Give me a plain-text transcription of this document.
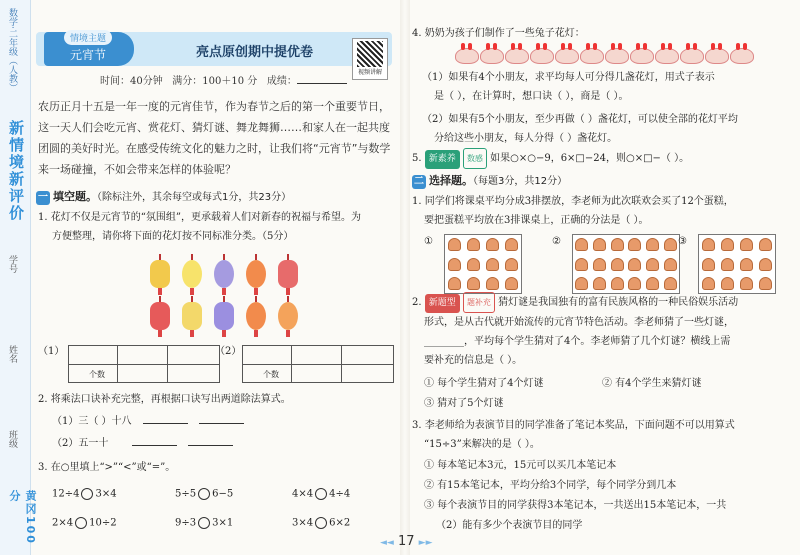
数学·二年级（人教）
新情境新评价
学号
姓名
班级
黄冈100分
情境主题
元宵节	亮点原创期中提优卷
时间：40分钟 满分：100＋10 分 成绩：
农历正月十五是一年一度的元宵佳节，作为春节之后的第一个重要节日，这一天人们会吃元宵、赏花灯、猜灯谜、舞龙舞狮……和家人在一起共度团圆的美好时光。在感受传统文化的魅力之时，让我们将“元宵节”与数学来一场碰撞，不如会带来怎样的体验呢？
一 填空题。（除标注外，其余每空或每式1分，共23分）
1. 花灯不仅是元宵节的“氛围组”，更承载着人们对新春的祝福与希望。为
方便整理，请你将下面的花灯按不同标准分类。（5分）
（1）
个数
（2）
个数
2. 将乘法口诀补充完整，再根据口诀写出两道除法算式。
（1）三（ ）十八
（2）五一十
3. 在○里填上“>”“<”或“=”。
12÷4 3×4	5÷5 6−5	4×4 4÷4
2×4 10÷2	9÷3 3×1	3×4 6×2
视频讲解
4. 奶奶为孩子们制作了一些兔子花灯：
（1）如果有4个小朋友，求平均每人可分得几盏花灯，用式子表示
是（ ），在计算时，想口诀（ ），商是（ ）。
（2）如果有5个小朋友，至少再做（ ）盏花灯，可以使全部的花灯平均
分给这些小朋友，每人分得（ ）盏花灯。
5. 新素养 数感 如果○×○−9，6×□−24，则○×□−（ ）。
二 选择题。（每题3分，共12分）
1. 同学们将课桌平均分成3排摆放，李老师为此次联欢会买了12个蛋糕，
要把蛋糕平均放在3排课桌上，正确的分法是（ ）。
①	②	③
2. 新题型 题补充 猜灯谜是我国独有的富有民族风格的一种民俗娱乐活动
形式，是从古代就开始流传的元宵节特色活动。李老师猜了一些灯谜，
________，平均每个学生猜对了4个。李老师猜了几个灯谜？横线上需
要补充的信息是（ ）。
① 每个学生猜对了4个灯谜	② 有4个学生来猜灯谜
③ 猜对了5个灯谜
3. 李老师给为表演节目的同学准备了笔记本奖品，下面问题不可以用算式
“15÷3”来解决的是（ ）。
① 每本笔记本3元，15元可以买几本笔记本
② 有15本笔记本，平均分给3个同学，每个同学分到几本
③ 每个表演节目的同学获得3本笔记本，一共送出15本笔记本，一共
（2）能有多少个表演节目的同学
◄◄ 17 ►►
